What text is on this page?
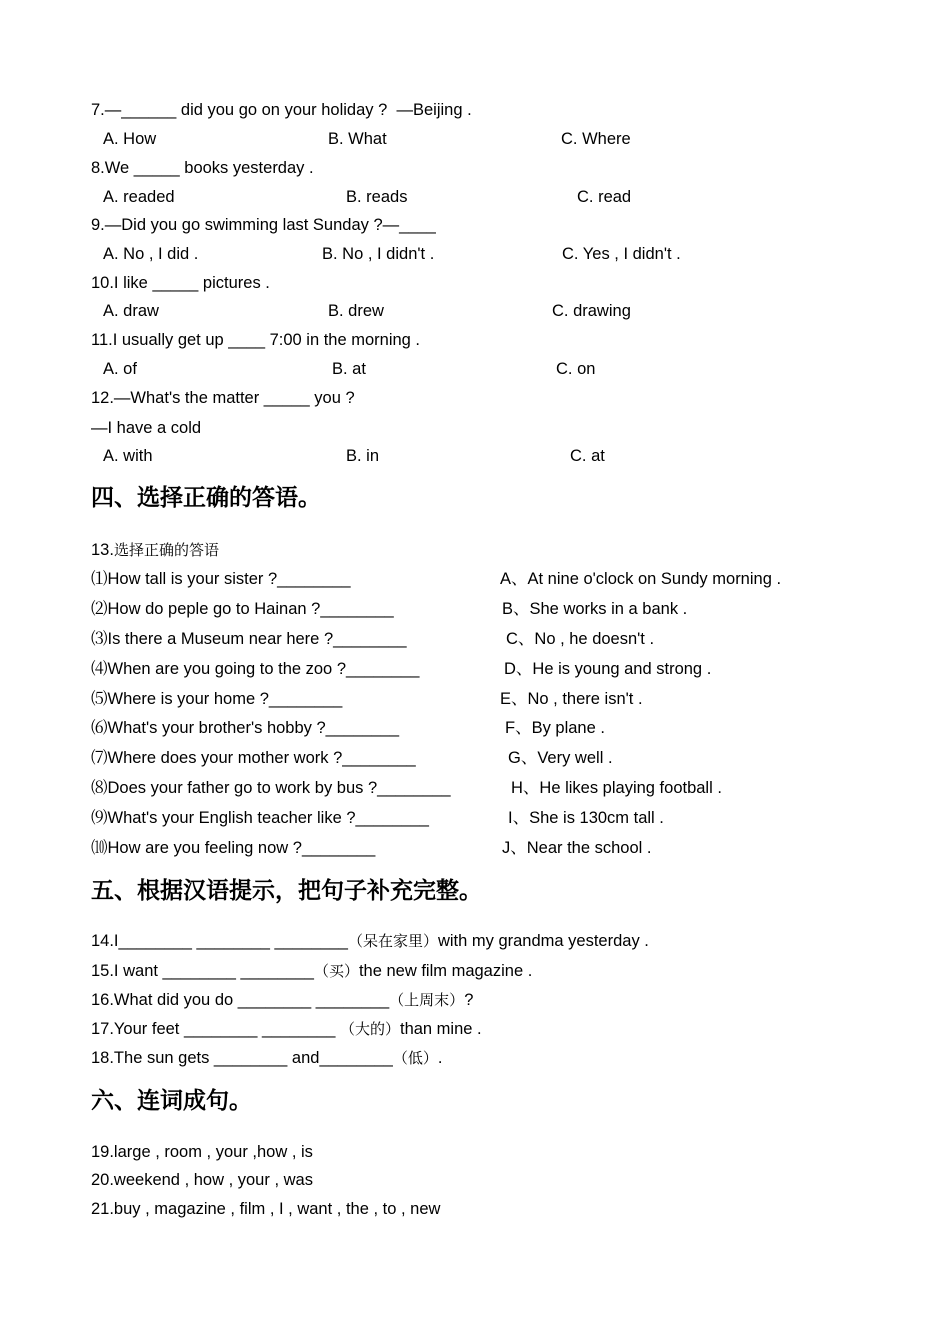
7.—______ did you go on your holiday ?  —Beijing .
A. How	B. What	C. Where
8.We _____ books yesterday .
A. readed	B. reads	C. read
9.—Did you go swimming last Sunday ?—____
A. No , I did .	B. No , I didn't .	C. Yes , I didn't .
10.I like _____ pictures .
A. draw	B. drew	C. drawing
11.I usually get up ____ 7:00 in the morning .
A. of	B. at	C. on
12.—What's the matter _____ you ?
—I have a cold
A. with	B. in	C. at
四、选择正确的答语。
13.选择正确的答语
⑴How tall is your sister ?________	A、At nine o'clock on Sundy morning .
⑵How do peple go to Hainan ?________	B、She works in a bank .
⑶Is there a Museum near here ?________	C、No , he doesn't .
⑷When are you going to the zoo ?________	D、He is young and strong .
⑸Where is your home ?________	E、No , there isn't .
⑹What's your brother's hobby ?________	F、By plane .
⑺Where does your mother work ?________	G、Very well .
⑻Does your father go to work by bus ?________	H、He likes playing football .
⑼What's your English teacher like ?________	I、She is 130cm tall .
⑽How are you feeling now ?________	J、Near the school .
五、根据汉语提示，把句子补充完整。
14.I________ ________ ________（呆在家里）with my grandma yesterday .
15.I want ________ ________（买）the new film magazine .
16.What did you do ________ ________（上周末）?
17.Your feet ________ ________ （大的）than mine .
18.The sun gets ________ and________（低）.
六、连词成句。
19.large , room , your ,how , is
20.weekend , how , your , was
21.buy , magazine , film , I , want , the , to , new
